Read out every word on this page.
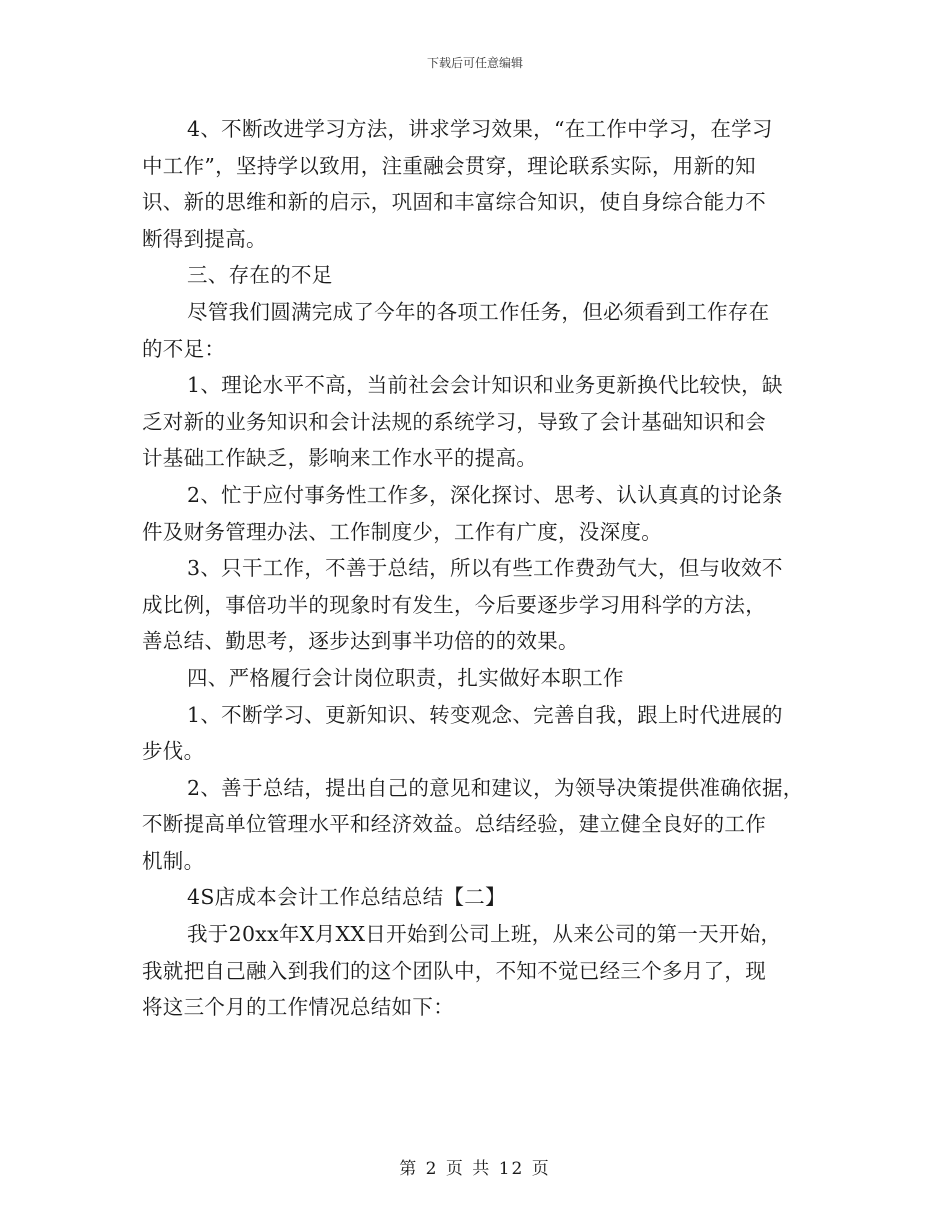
下载后可任意编辑
4、不断改进学习方法，讲求学习效果，“在工作中学习，在学习
中工作”，坚持学以致用，注重融会贯穿，理论联系实际，用新的知
识、新的思维和新的启示，巩固和丰富综合知识，使自身综合能力不
断得到提高。
三、存在的不足
尽管我们圆满完成了今年的各项工作任务，但必须看到工作存在
的不足：
1、理论水平不高，当前社会会计知识和业务更新换代比较快，缺
乏对新的业务知识和会计法规的系统学习，导致了会计基础知识和会
计基础工作缺乏，影响来工作水平的提高。
2、忙于应付事务性工作多，深化探讨、思考、认认真真的讨论条
件及财务管理办法、工作制度少，工作有广度，没深度。
3、只干工作，不善于总结，所以有些工作费劲气大，但与收效不
成比例，事倍功半的现象时有发生，今后要逐步学习用科学的方法，
善总结、勤思考，逐步达到事半功倍的的效果。
四、严格履行会计岗位职责，扎实做好本职工作
1、不断学习、更新知识、转变观念、完善自我，跟上时代进展的
步伐。
2、善于总结，提出自己的意见和建议，为领导决策提供准确依据，
不断提高单位管理水平和经济效益。总结经验，建立健全良好的工作
机制。
4S店成本会计工作总结总结【二】
我于20xx年X月XX日开始到公司上班，从来公司的第一天开始，
我就把自己融入到我们的这个团队中，不知不觉已经三个多月了，现
将这三个月的工作情况总结如下：
第 2 页 共 12 页
